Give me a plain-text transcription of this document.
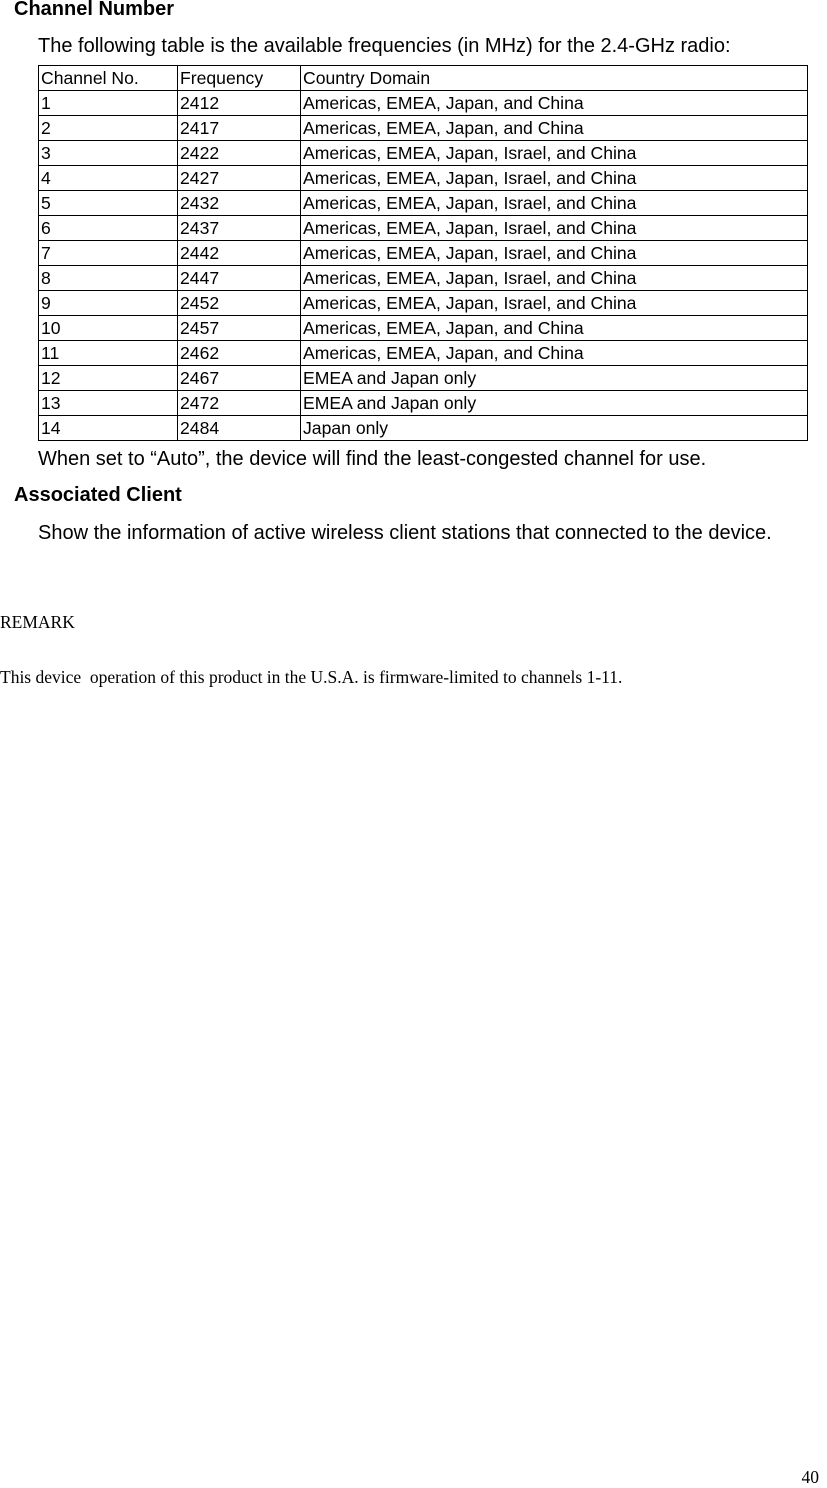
Channel Number
The following table is the available frequencies (in MHz) for the 2.4-GHz radio:
Channel No.	Frequency	Country Domain
1	2412	Americas, EMEA, Japan, and China
2	2417	Americas, EMEA, Japan, and China
3	2422	Americas, EMEA, Japan, Israel, and China
4	2427	Americas, EMEA, Japan, Israel, and China
5	2432	Americas, EMEA, Japan, Israel, and China
6	2437	Americas, EMEA, Japan, Israel, and China
7	2442	Americas, EMEA, Japan, Israel, and China
8	2447	Americas, EMEA, Japan, Israel, and China
9	2452	Americas, EMEA, Japan, Israel, and China
10	2457	Americas, EMEA, Japan, and China
11	2462	Americas, EMEA, Japan, and China
12	2467	EMEA and Japan only
13	2472	EMEA and Japan only
14	2484	Japan only
When set to “Auto”, the device will find the least-congested channel for use.
Associated Client
Show the information of active wireless client stations that connected to the device.
REMARK
This device  operation of this product in the U.S.A. is firmware-limited to channels 1-11.
40
